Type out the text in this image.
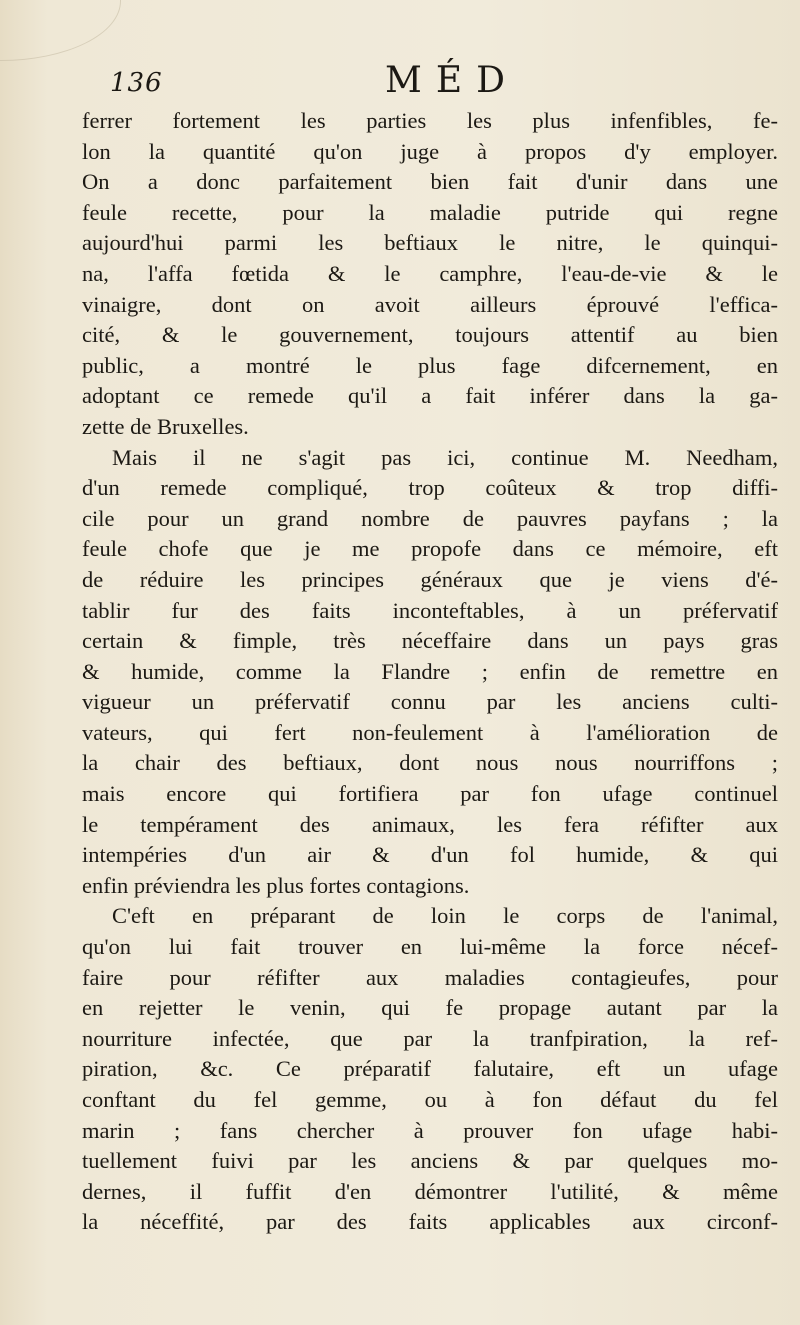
136	MÉD
ferrer fortement les parties les plus infenfibles, fe-
lon la quantité qu'on juge à propos d'y employer.
On a donc parfaitement bien fait d'unir dans une
feule recette, pour la maladie putride qui regne
aujourd'hui parmi les beftiaux le nitre, le quinqui-
na, l'affa fœtida & le camphre, l'eau-de-vie & le
vinaigre, dont on avoit ailleurs éprouvé l'effica-
cité, & le gouvernement, toujours attentif au bien
public, a montré le plus fage difcernement, en
adoptant ce remede qu'il a fait inférer dans la ga-
zette de Bruxelles.
Mais il ne s'agit pas ici, continue M. Needham,
d'un remede compliqué, trop coûteux & trop diffi-
cile pour un grand nombre de pauvres payfans ; la
feule chofe que je me propofe dans ce mémoire, eft
de réduire les principes généraux que je viens d'é-
tablir fur des faits inconteftables, à un préfervatif
certain & fimple, très néceffaire dans un pays gras
& humide, comme la Flandre ; enfin de remettre en
vigueur un préfervatif connu par les anciens culti-
vateurs, qui fert non-feulement à l'amélioration de
la chair des beftiaux, dont nous nous nourriffons ;
mais encore qui fortifiera par fon ufage continuel
le tempérament des animaux, les fera réfifter aux
intempéries d'un air & d'un fol humide, & qui
enfin préviendra les plus fortes contagions.
C'eft en préparant de loin le corps de l'animal,
qu'on lui fait trouver en lui-même la force nécef-
faire pour réfifter aux maladies contagieufes, pour
en rejetter le venin, qui fe propage autant par la
nourriture infectée, que par la tranfpiration, la ref-
piration, &c. Ce préparatif falutaire, eft un ufage
conftant du fel gemme, ou à fon défaut du fel
marin ; fans chercher à prouver fon ufage habi-
tuellement fuivi par les anciens & par quelques mo-
dernes, il fuffit d'en démontrer l'utilité, & même
la néceffité, par des faits applicables aux circonf-
